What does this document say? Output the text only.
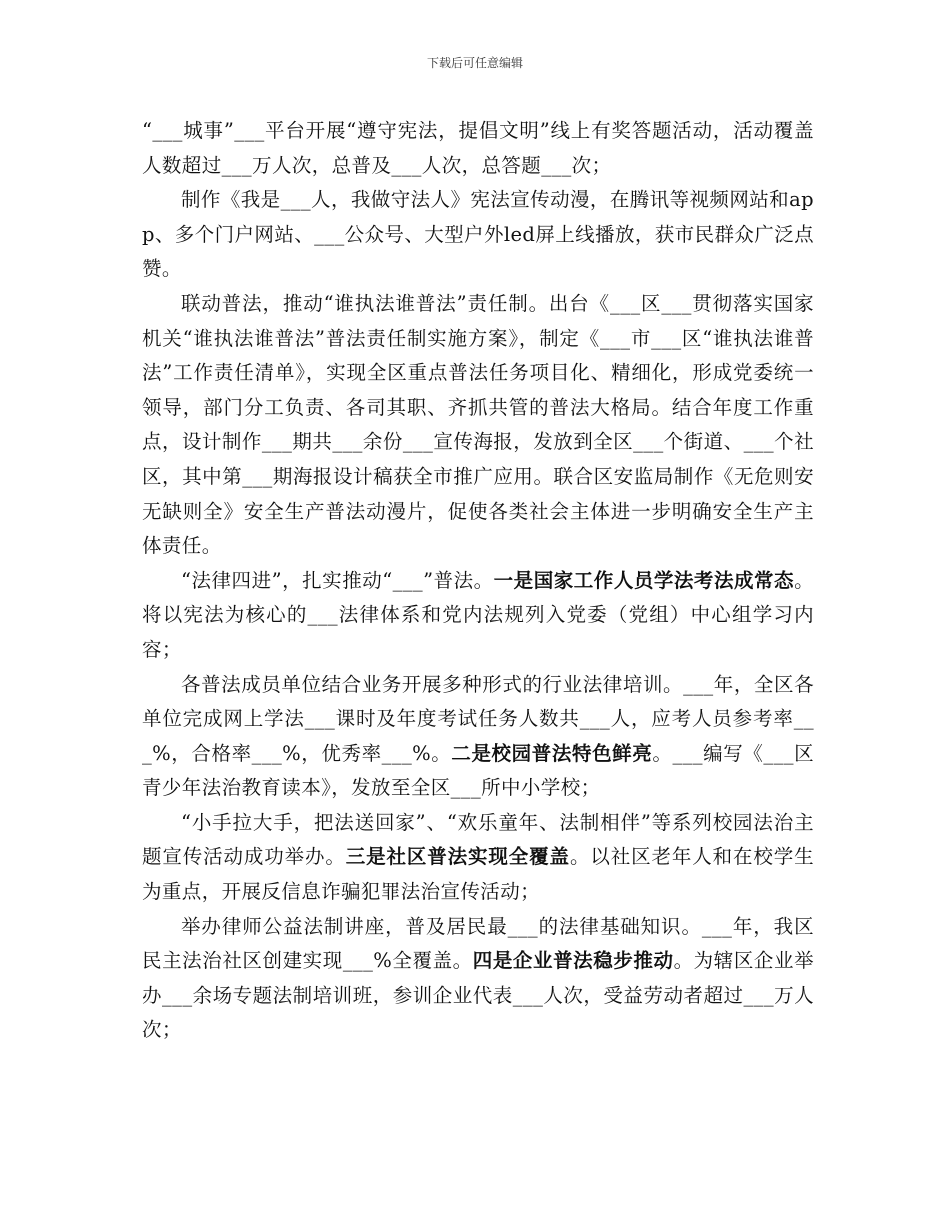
下载后可任意编辑

“___城事”___平台开展“遵守宪法，提倡文明”线上有奖答题活动，活动覆盖人数超过___万人次，总普及___人次，总答题___次；

制作《我是___人，我做守法人》宪法宣传动漫，在腾讯等视频网站和app、多个门户网站、___公众号、大型户外led屏上线播放，获市民群众广泛点赞。

联动普法，推动“谁执法谁普法”责任制。出台《___区___贯彻落实国家机关“谁执法谁普法”普法责任制实施方案》，制定《___市___区“谁执法谁普法”工作责任清单》，实现全区重点普法任务项目化、精细化，形成党委统一领导，部门分工负责、各司其职、齐抓共管的普法大格局。结合年度工作重点，设计制作___期共___余份___宣传海报，发放到全区___个街道、___个社区，其中第___期海报设计稿获全市推广应用。联合区安监局制作《无危则安无缺则全》安全生产普法动漫片，促使各类社会主体进一步明确安全生产主体责任。

“法律四进”，扎实推动“___”普法。一是国家工作人员学法考法成常态。将以宪法为核心的___法律体系和党内法规列入党委（党组）中心组学习内容；

各普法成员单位结合业务开展多种形式的行业法律培训。___年，全区各单位完成网上学法___课时及年度考试任务人数共___人，应考人员参考率___%，合格率___%，优秀率___%。二是校园普法特色鲜亮。___编写《___区青少年法治教育读本》，发放至全区___所中小学校；

“小手拉大手，把法送回家”、“欢乐童年、法制相伴”等系列校园法治主题宣传活动成功举办。三是社区普法实现全覆盖。以社区老年人和在校学生为重点，开展反信息诈骗犯罪法治宣传活动；

举办律师公益法制讲座，普及居民最___的法律基础知识。___年，我区民主法治社区创建实现___%全覆盖。四是企业普法稳步推动。为辖区企业举办___余场专题法制培训班，参训企业代表___人次，受益劳动者超过___万人次；
